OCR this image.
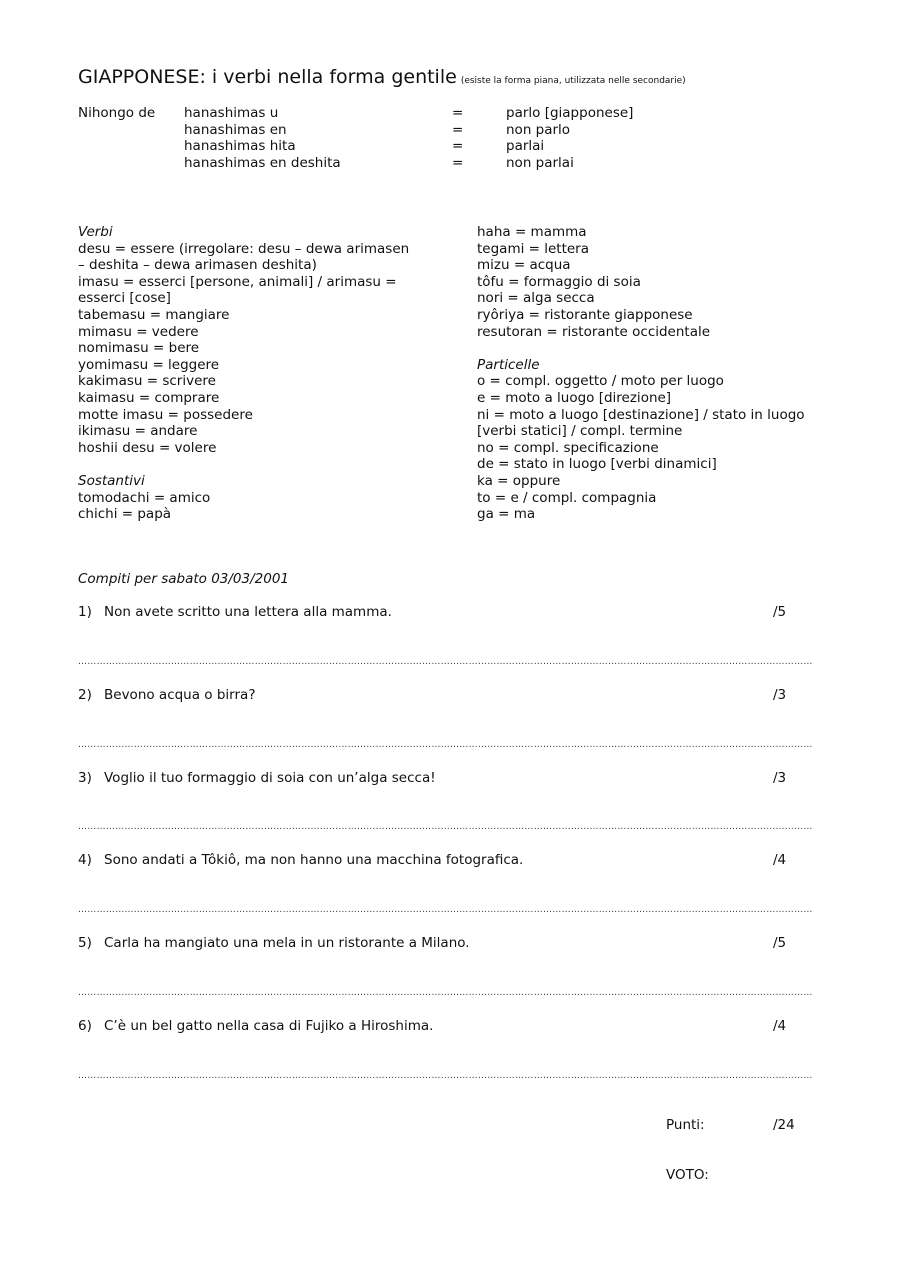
GIAPPONESE: i verbi nella forma gentile (esiste la forma piana, utilizzata nelle secondarie)
Nihongo de	hanashimas u	=	parlo [giapponese]
	hanashimas en	=	non parlo
	hanashimas hita	=	parlai
	hanashimas en deshita	=	non parlai
Verbi
desu = essere (irregolare: desu – dewa arimasen
– deshita – dewa arimasen deshita)
imasu = esserci [persone, animali] / arimasu =
esserci [cose]
tabemasu = mangiare
mimasu = vedere
nomimasu = bere
yomimasu = leggere
kakimasu = scrivere
kaimasu = comprare
motte imasu = possedere
ikimasu = andare
hoshii desu = volere
Sostantivi
tomodachi = amico
chichi = papà
haha = mamma
tegami = lettera
mizu = acqua
tôfu = formaggio di soia
nori = alga secca
ryôriya = ristorante giapponese
resutoran = ristorante occidentale
Particelle
o = compl. oggetto / moto per luogo
e = moto a luogo [direzione]
ni = moto a luogo [destinazione] / stato in luogo
[verbi statici] / compl. termine
no = compl. specificazione
de = stato in luogo [verbi dinamici]
ka = oppure
to = e / compl. compagnia
ga = ma
Compiti per sabato 03/03/2001
1) Non avete scritto una lettera alla mamma.	/5
…………………………………………………………………………………………………………………………………………………………………………………………………………………
2) Bevono acqua o birra?	/3
…………………………………………………………………………………………………………………………………………………………………………………………………………………
3) Voglio il tuo formaggio di soia con un’alga secca!	/3
…………………………………………………………………………………………………………………………………………………………………………………………………………………
4) Sono andati a Tôkiô, ma non hanno una macchina fotografica.	/4
…………………………………………………………………………………………………………………………………………………………………………………………………………………
5) Carla ha mangiato una mela in un ristorante a Milano.	/5
…………………………………………………………………………………………………………………………………………………………………………………………………………………
6) C’è un bel gatto nella casa di Fujiko a Hiroshima.	/4
…………………………………………………………………………………………………………………………………………………………………………………………………………………
Punti:	/24
VOTO:
